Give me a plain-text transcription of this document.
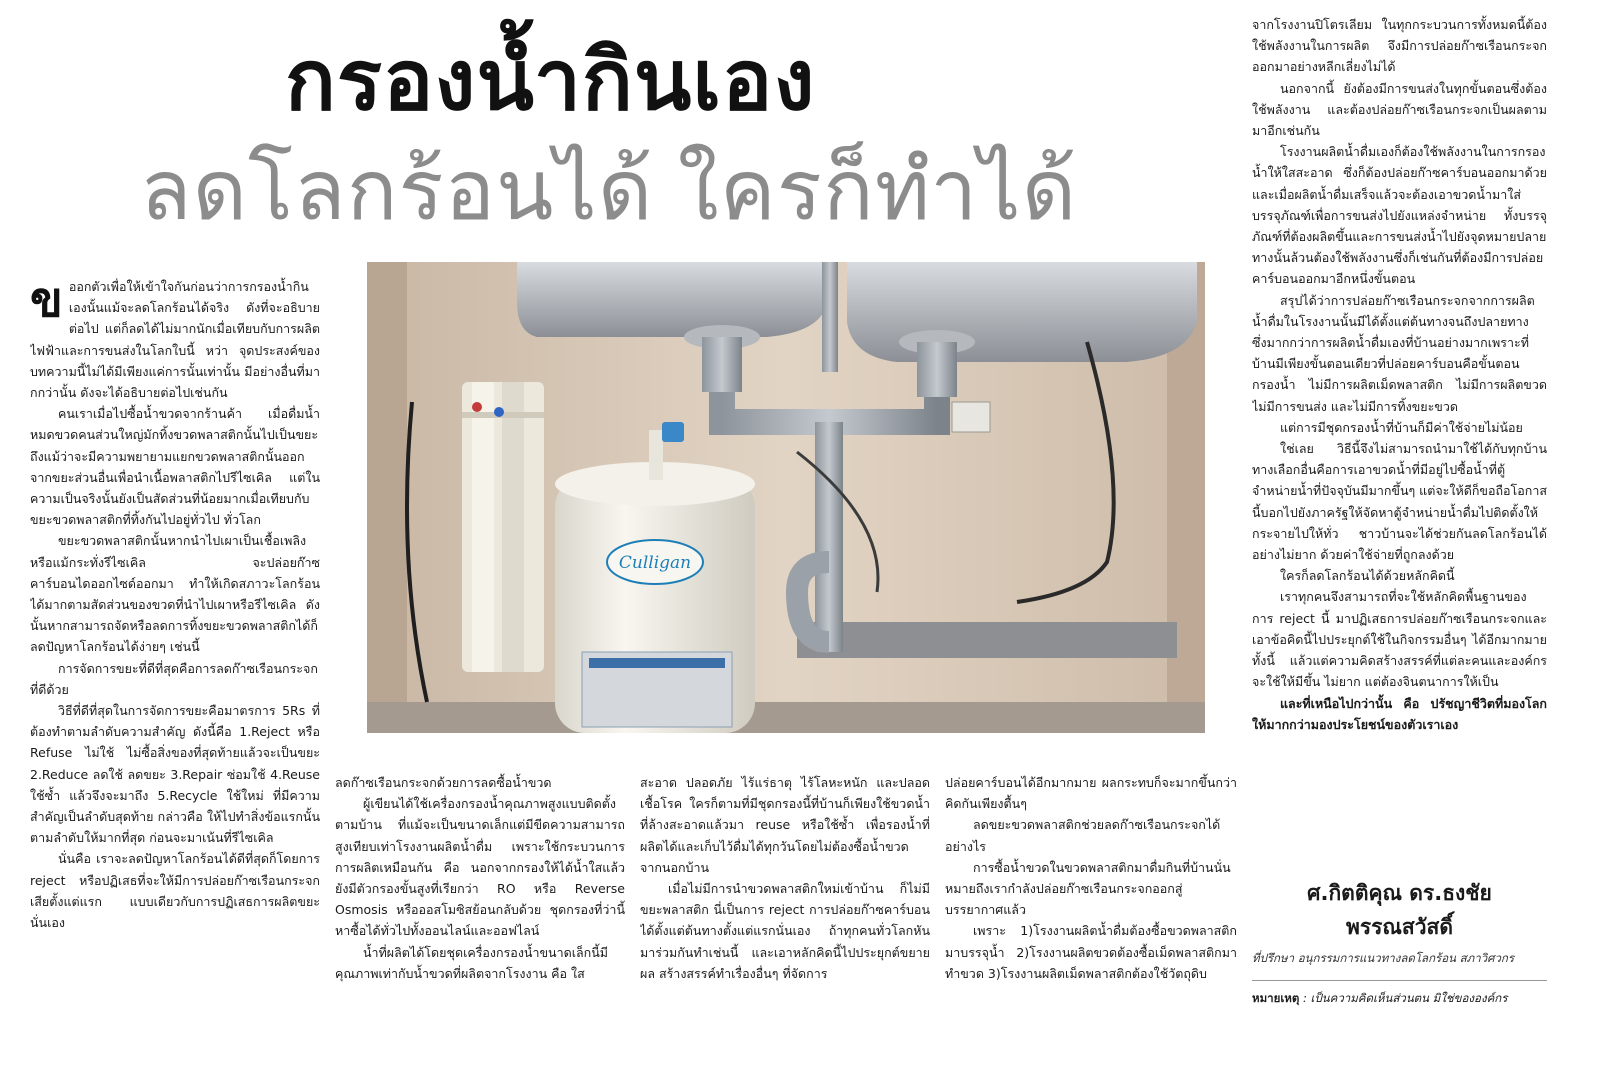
กรองน้ำกินเอง
ลดโลกร้อนได้ ใครก็ทำได้

ขออกตัวเพื่อให้เข้าใจกันก่อนว่าการกรองน้ำกินเองนั้นแม้จะลดโลกร้อนได้จริง ดังที่จะอธิบายต่อไป แต่ก็ลดได้ไม่มากนักเมื่อเทียบกับการผลิตไฟฟ้าและการขนส่งในโลกใบนี้ หว่า จุดประสงค์ของบทความนี้ไม่ได้มีเพียงแค่การนั้นเท่านั้น มีอย่างอื่นที่มากกว่านั้น ดังจะได้อธิบายต่อไปเช่นกัน

คนเราเมื่อไปซื้อน้ำขวดจากร้านค้า เมื่อดื่มน้ำหมดขวดคนส่วนใหญ่มักทิ้งขวดพลาสติกนั้นไปเป็นขยะ ถึงแม้ว่าจะมีความพยายามแยกขวดพลาสติกนั้นออกจากขยะส่วนอื่นเพื่อนำเนื้อพลาสติกไปรีไซเคิล แต่ในความเป็นจริงนั้นยังเป็นสัดส่วนที่น้อยมากเมื่อเทียบกับขยะขวดพลาสติกที่ทิ้งกันไปอยู่ทั่วไป ทั่วโลก

ขยะขวดพลาสติกนั้นหากนำไปเผาเป็นเชื้อเพลิงหรือแม้กระทั่งรีไซเคิล จะปล่อยก๊าซคาร์บอนไดออกไซด์ออกมา ทำให้เกิดสภาวะโลกร้อนได้มากตามสัดส่วนของขวดที่นำไปเผาหรือรีไซเคิล ดังนั้นหากสามารถจัดหรือลดการทิ้งขยะขวดพลาสติกได้ก็ลดปัญหาโลกร้อนได้ง่ายๆ เช่นนี้

การจัดการขยะที่ดีที่สุดคือการลดก๊าซเรือนกระจกที่ดีด้วย

วิธีที่ดีที่สุดในการจัดการขยะคือมาตรการ 5Rs ที่ต้องทำตามลำดับความสำคัญ ดังนี้คือ 1.Reject หรือ Refuse ไม่ใช้ ไม่ซื้อสิ่งของที่สุดท้ายแล้วจะเป็นขยะ 2.Reduce ลดใช้ ลดขยะ 3.Repair ซ่อมใช้ 4.Reuse ใช้ซ้ำ แล้วจึงจะมาถึง 5.Recycle ใช้ใหม่ ที่มีความสำคัญเป็นลำดับสุดท้าย กล่าวคือ ให้ไปทำสิ่งข้อแรกนั้นตามลำดับให้มากที่สุด ก่อนจะมาเน้นที่รีไซเคิล

นั่นคือ เราจะลดปัญหาโลกร้อนได้ดีที่สุดก็โดยการ reject หรือปฏิเสธที่จะให้มีการปล่อยก๊าซเรือนกระจกเสียตั้งแต่แรก แบบเดียวกับการปฏิเสธการผลิตขยะนั่นเอง

Culligan

ลดก๊าซเรือนกระจกด้วยการลดซื้อน้ำขวด

ผู้เขียนได้ใช้เครื่องกรองน้ำคุณภาพสูงแบบติดตั้งตามบ้าน ที่แม้จะเป็นขนาดเล็กแต่มีขีดความสามารถสูงเทียบเท่าโรงงานผลิตน้ำดื่ม เพราะใช้กระบวนการการผลิตเหมือนกัน คือ นอกจากกรองให้ได้น้ำใสแล้ว ยังมีตัวกรองขั้นสูงที่เรียกว่า RO หรือ Reverse Osmosis หรือออสโมซิสย้อนกลับด้วย ชุดกรองที่ว่านี้หาซื้อได้ทั่วไปทั้งออนไลน์และออฟไลน์

น้ำที่ผลิตได้โดยชุดเครื่องกรองน้ำขนาดเล็กนี้มีคุณภาพเท่ากับน้ำขวดที่ผลิตจากโรงงาน คือ ใส

สะอาด ปลอดภัย ไร้แร่ธาตุ ไร้โลหะหนัก และปลอดเชื้อโรค ใครก็ตามที่มีชุดกรองนี้ที่บ้านก็เพียงใช้ขวดน้ำที่ล้างสะอาดแล้วมา reuse หรือใช้ซ้ำ เพื่อรองน้ำที่ผลิตได้และเก็บไว้ดื่มได้ทุกวันโดยไม่ต้องซื้อน้ำขวดจากนอกบ้าน

เมื่อไม่มีการนำขวดพลาสติกใหม่เข้าบ้าน ก็ไม่มีขยะพลาสติก นี่เป็นการ reject การปล่อยก๊าซคาร์บอน ได้ตั้งแต่ต้นทางตั้งแต่แรกนั่นเอง ถ้าทุกคนทั่วโลกหันมาร่วมกันทำเช่นนี้ และเอาหลักคิดนี้ไปประยุกต์ขยายผล สร้างสรรค์ทำเรื่องอื่นๆ ที่จัดการ

ปล่อยคาร์บอนได้อีกมากมาย ผลกระทบก็จะมากขึ้นกว่าคิดกันเพียงตื้นๆ

ลดขยะขวดพลาสติกช่วยลดก๊าซเรือนกระจกได้อย่างไร

การซื้อน้ำขวดในขวดพลาสติกมาดื่มกินที่บ้านนั่นหมายถึงเรากำลังปล่อยก๊าซเรือนกระจกออกสู่บรรยากาศแล้ว

เพราะ 1)โรงงานผลิตน้ำดื่มต้องซื้อขวดพลาสติกมาบรรจุน้ำ 2)โรงงานผลิตขวดต้องซื้อเม็ดพลาสติกมาทำขวด 3)โรงงานผลิตเม็ดพลาสติกต้องใช้วัตถุดิบ

จากโรงงานปิโตรเลียม ในทุกกระบวนการทั้งหมดนี้ต้องใช้พลังงานในการผลิต จึงมีการปล่อยก๊าซเรือนกระจกออกมาอย่างหลีกเลี่ยงไม่ได้

นอกจากนี้ ยังต้องมีการขนส่งในทุกขั้นตอนซึ่งต้องใช้พลังงาน และต้องปล่อยก๊าซเรือนกระจกเป็นผลตามมาอีกเช่นกัน

โรงงานผลิตน้ำดื่มเองก็ต้องใช้พลังงานในการกรองน้ำให้ใสสะอาด ซึ่งก็ต้องปล่อยก๊าซคาร์บอนออกมาด้วย และเมื่อผลิตน้ำดื่มเสร็จแล้วจะต้องเอาขวดน้ำมาใส่บรรจุภัณฑ์เพื่อการขนส่งไปยังแหล่งจำหน่าย ทั้งบรรจุภัณฑ์ที่ต้องผลิตขึ้นและการขนส่งน้ำไปยังจุดหมายปลายทางนั้นล้วนต้องใช้พลังงานซึ่งก็เช่นกันที่ต้องมีการปล่อยคาร์บอนออกมาอีกหนึ่งขั้นตอน

สรุปได้ว่าการปล่อยก๊าซเรือนกระจกจากการผลิตน้ำดื่มในโรงงานนั้นมีได้ตั้งแต่ต้นทางจนถึงปลายทาง ซึ่งมากกว่าการผลิตน้ำดื่มเองที่บ้านอย่างมากเพราะที่บ้านมีเพียงขั้นตอนเดียวที่ปล่อยคาร์บอนคือขั้นตอนกรองน้ำ ไม่มีการผลิตเม็ดพลาสติก ไม่มีการผลิตขวด ไม่มีการขนส่ง และไม่มีการทิ้งขยะขวด

แต่การมีชุดกรองน้ำที่บ้านก็มีค่าใช้จ่ายไม่น้อย

ใช่เลย วิธีนี้จึงไม่สามารถนำมาใช้ได้กับทุกบ้าน ทางเลือกอื่นคือการเอาขวดน้ำที่มีอยู่ไปซื้อน้ำที่ตู้จำหน่ายน้ำที่ปัจจุบันมีมากขึ้นๆ แต่จะให้ดีก็ขอถือโอกาสนี้บอกไปยังภาครัฐให้จัดหาตู้จำหน่ายน้ำดื่มไปติดตั้งให้กระจายไปให้ทั่ว ชาวบ้านจะได้ช่วยกันลดโลกร้อนได้อย่างไม่ยาก ด้วยค่าใช้จ่ายที่ถูกลงด้วย

ใครก็ลดโลกร้อนได้ด้วยหลักคิดนี้

เราทุกคนจึงสามารถที่จะใช้หลักคิดพื้นฐานของการ reject นี้ มาปฏิเสธการปล่อยก๊าซเรือนกระจกและเอาข้อคิดนี้ไปประยุกต์ใช้ในกิจกรรมอื่นๆ ได้อีกมากมาย ทั้งนี้ แล้วแต่ความคิดสร้างสรรค์ที่แต่ละคนและองค์กรจะใช้ให้มีขึ้น ไม่ยาก แต่ต้องจินตนาการให้เป็น

และที่เหนือไปกว่านั้น คือ ปรัชญาชีวิตที่มองโลกให้มากกว่ามองประโยชน์ของตัวเราเอง

ศ.กิตติคุณ ดร.ธงชัย
พรรณสวัสดิ์
ที่ปรึกษา อนุกรรมการแนวทางลดโลกร้อน สภาวิศวกร
หมายเหตุ : เป็นความคิดเห็นส่วนตน มิใช่ขององค์กร
